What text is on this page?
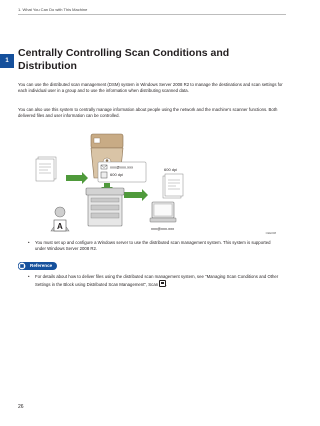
1. What You Can Do with This Machine
1
Centrally Controlling Scan Conditions and Distribution
You can use the distributed scan management (DSM) system in Windows Server 2008 R2 to manage the destinations and scan settings for each individual user in a group and to use the information when distributing scanned data.
You can also use this system to centrally manage information about people using the network and the machine's scanner functions. Both delivered files and user information can be controlled.
xxx@xxx.xxx
600 dpi
A
600 dpi
xxx@xxx.xxx
CEE008
• You must set up and configure a Windows server to use the distributed scan management system. This system is supported under Windows Server 2008 R2.
Reference
• For details about how to deliver files using the distributed scan management system, see "Managing Scan Conditions and Other Settings in the Block using Distributed Scan Management", Scan .
26
